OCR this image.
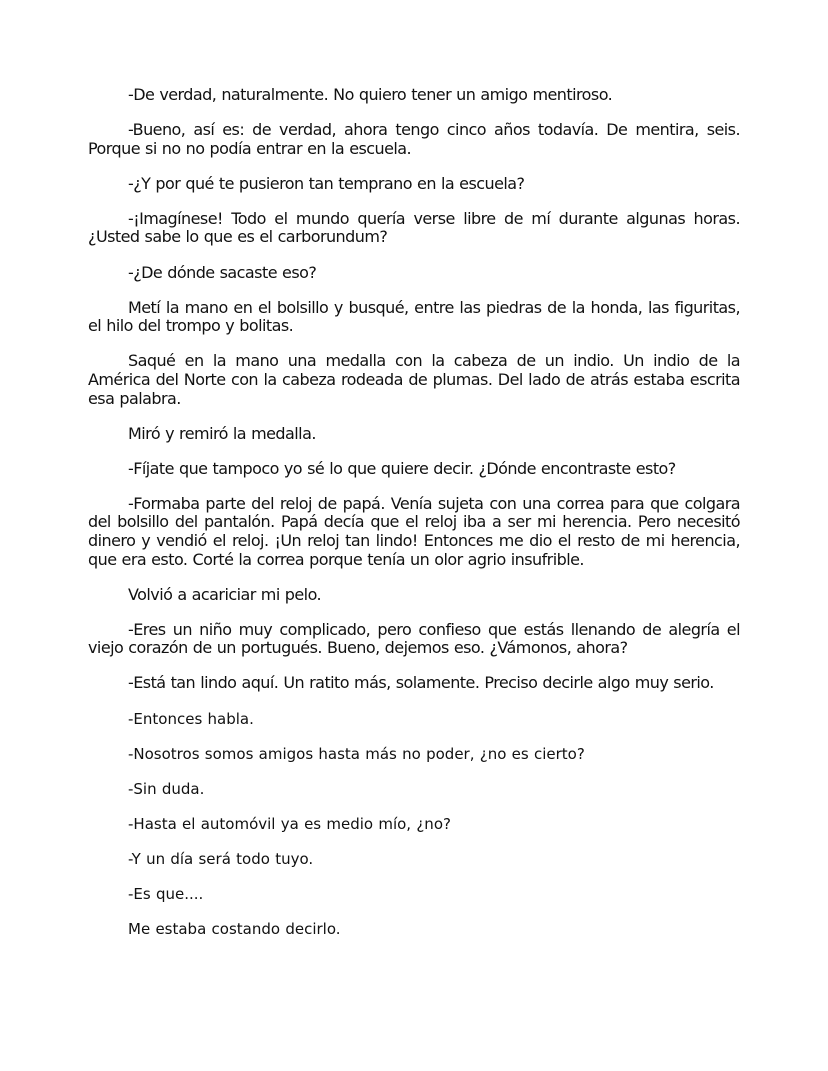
-De verdad, naturalmente. No quiero tener un amigo mentiroso.

-Bueno, así es: de verdad, ahora tengo cinco años todavía. De mentira, seis. Porque si no no podía entrar en la escuela.

-¿Y por qué te pusieron tan temprano en la escuela?

-¡Imagínese! Todo el mundo quería verse libre de mí durante algunas horas. ¿Usted sabe lo que es el carborundum?

-¿De dónde sacaste eso?

Metí la mano en el bolsillo y busqué, entre las piedras de la honda, las figuritas, el hilo del trompo y bolitas.

Saqué en la mano una medalla con la cabeza de un indio. Un indio de la América del Norte con la cabeza rodeada de plumas. Del lado de atrás estaba escrita esa palabra.

Miró y remiró la medalla.

-Fíjate que tampoco yo sé lo que quiere decir. ¿Dónde encontraste esto?

-Formaba parte del reloj de papá. Venía sujeta con una correa para que colgara del bolsillo del pantalón. Papá decía que el reloj iba a ser mi herencia. Pero necesitó dinero y vendió el reloj. ¡Un reloj tan lindo! Entonces me dio el resto de mi herencia, que era esto. Corté la correa porque tenía un olor agrio insufrible.

Volvió a acariciar mi pelo.

-Eres un niño muy complicado, pero confieso que estás llenando de alegría el viejo corazón de un portugués. Bueno, dejemos eso. ¿Vámonos, ahora?

-Está tan lindo aquí. Un ratito más, solamente. Preciso decirle algo muy serio.

-Entonces habla.

-Nosotros somos amigos hasta más no poder, ¿no es cierto?

-Sin duda.

-Hasta el automóvil ya es medio mío, ¿no?

-Y un día será todo tuyo.

-Es que....

Me estaba costando decirlo.
